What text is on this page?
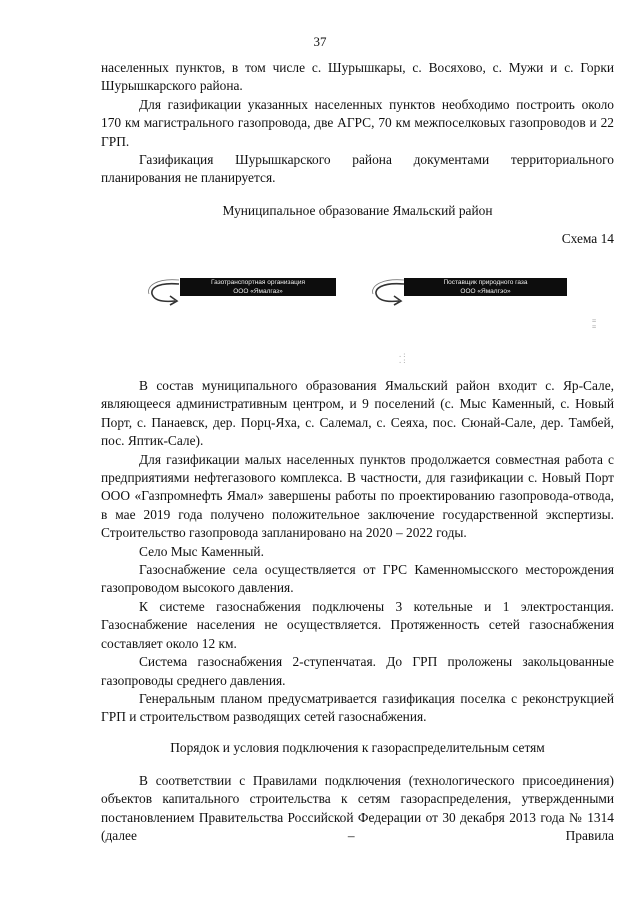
37

населенных пунктов, в том числе с. Шурышкары, с. Восяхово, с. Мужи и с. Горки Шурышкарского района.

Для газификации указанных населенных пунктов необходимо построить около 170 км магистрального газопровода, две АГРС, 70 км межпоселковых газопроводов и 22 ГРП.

Газификация Шурышкарского района документами территориального планирования не планируется.

Муниципальное образование Ямальский район
Схема 14
Газотранспортная организация
ООО «Ямалгаз»
Поставщик природного газа
ООО «Ямалгэо»
=
=
.:
.:

В состав муниципального образования Ямальский район входит с. Яр-Сале, являющееся административным центром, и 9 поселений (с. Мыс Каменный, с. Новый Порт, с. Панаевск, дер. Порц-Яха, с. Салемал, с. Сеяха, пос. Сюнай-Сале, дер. Тамбей, пос. Яптик-Сале).

Для газификации малых населенных пунктов продолжается совместная работа с предприятиями нефтегазового комплекса. В частности, для газификации с. Новый Порт ООО «Газпромнефть Ямал» завершены работы по проектированию газопровода-отвода, в мае 2019 года получено положительное заключение государственной экспертизы. Строительство газопровода запланировано на 2020 – 2022 годы.

Село Мыс Каменный.

Газоснабжение села осуществляется от ГРС Каменномысского месторождения газопроводом высокого давления.

К системе газоснабжения подключены 3 котельные и 1 электростанция. Газоснабжение населения не осуществляется. Протяженность сетей газоснабжения составляет около 12 км.

Система газоснабжения 2-ступенчатая. До ГРП проложены закольцованные газопроводы среднего давления.

Генеральным планом предусматривается газификация поселка с реконструкцией ГРП и строительством разводящих сетей газоснабжения.

Порядок и условия подключения к газораспределительным сетям

В соответствии с Правилами подключения (технологического присоединения) объектов капитального строительства к сетям газораспределения, утвержденными постановлением Правительства Российской Федерации от 30 декабря 2013 года № 1314 (далее – Правила
